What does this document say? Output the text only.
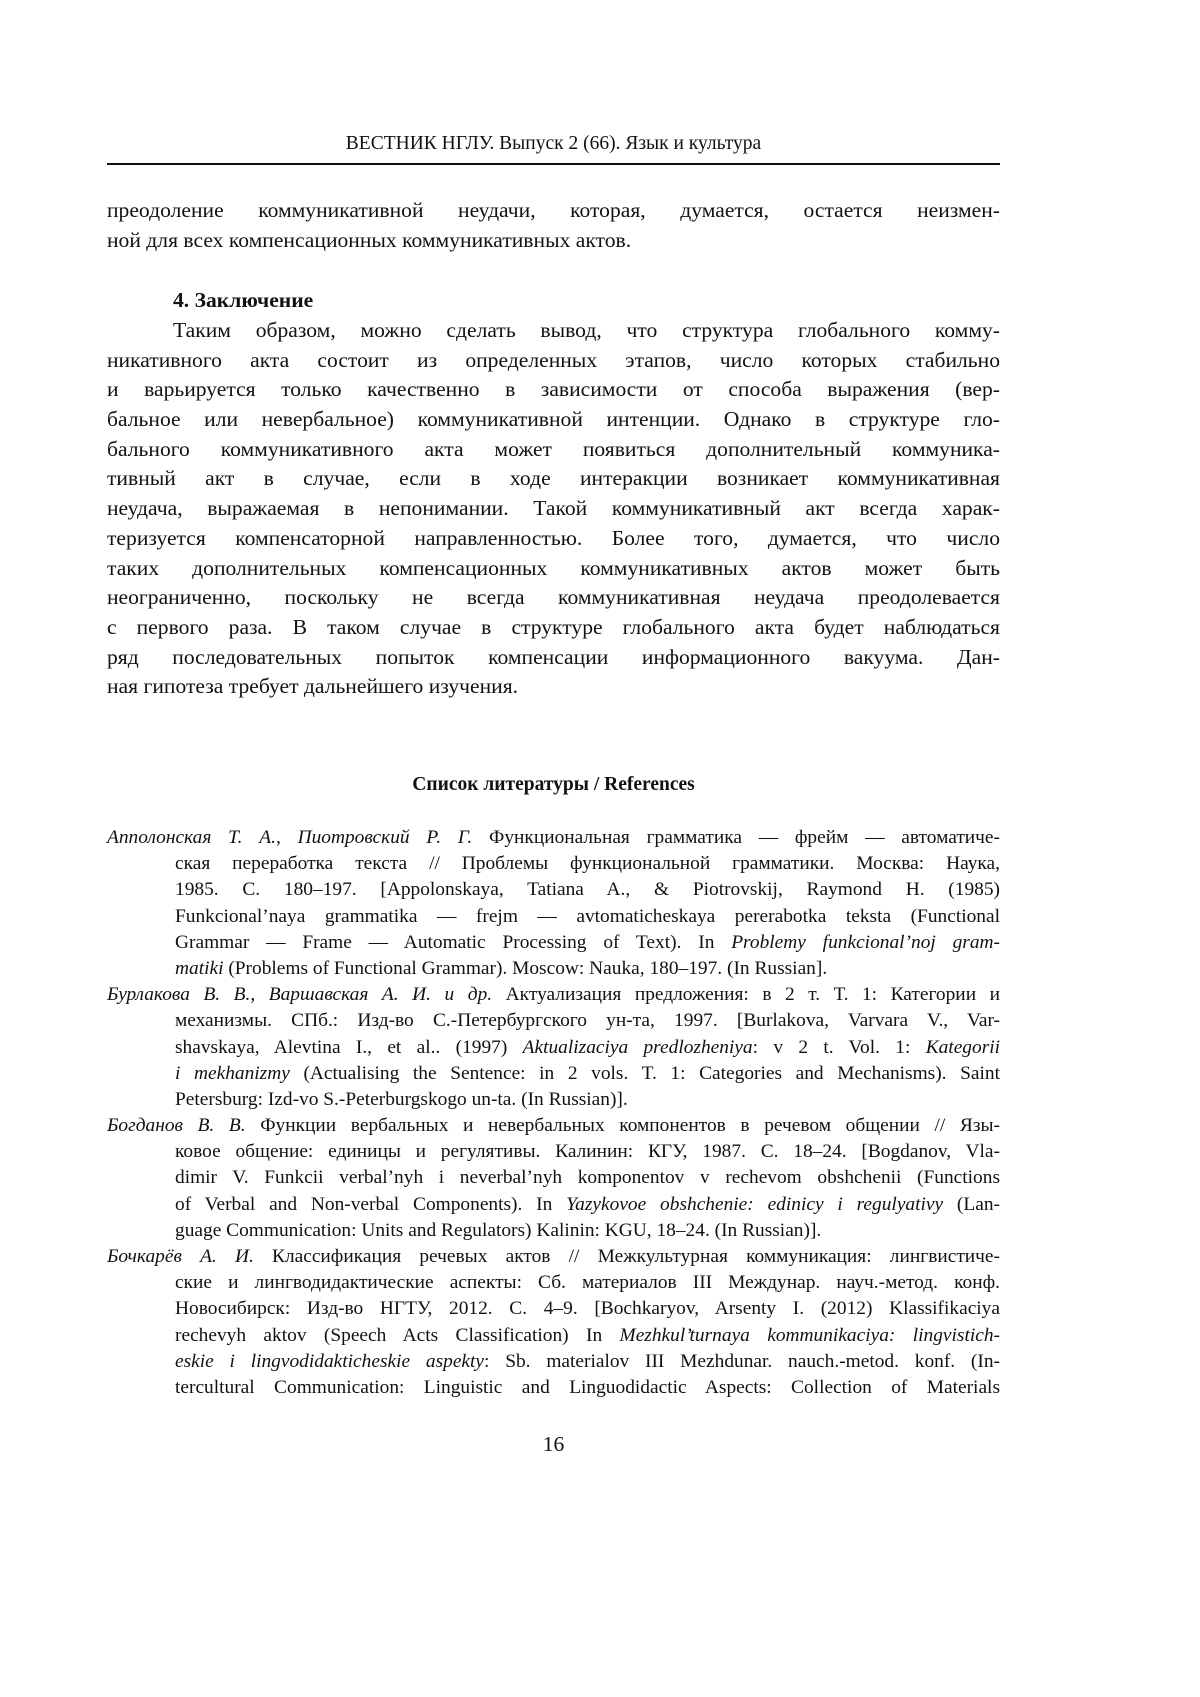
ВЕСТНИК НГЛУ. Выпуск 2 (66). Язык и культура
преодоление коммуникативной неудачи, которая, думается, остается неизмен-
ной для всех компенсационных коммуникативных актов.
4. Заключение
Таким образом, можно сделать вывод, что структура глобального комму-
никативного акта состоит из определенных этапов, число которых стабильно
и варьируется только качественно в зависимости от способа выражения (вер-
бальное или невербальное) коммуникативной интенции. Однако в структуре гло-
бального коммуникативного акта может появиться дополнительный коммуника-
тивный акт в случае, если в ходе интеракции возникает коммуникативная
неудача, выражаемая в непонимании. Такой коммуникативный акт всегда харак-
теризуется компенсаторной направленностью. Более того, думается, что число
таких дополнительных компенсационных коммуникативных актов может быть
неограниченно, поскольку не всегда коммуникативная неудача преодолевается
с первого раза. В таком случае в структуре глобального акта будет наблюдаться
ряд последовательных попыток компенсации информационного вакуума. Дан-
ная гипотеза требует дальнейшего изучения.
Список литературы / References
Апполонская Т. А., Пиотровский Р. Г. Функциональная грамматика — фрейм — автоматиче-
ская переработка текста // Проблемы функциональной грамматики. Москва: Наука,
1985. С. 180–197. [Appolonskaya, Tatiana A., & Piotrovskij, Raymond H. (1985)
Funkcional’naya grammatika — frejm — avtomaticheskaya pererabotka teksta (Functional
Grammar — Frame — Automatic Processing of Text). In Problemy funkcional’noj gram-
matiki (Problems of Functional Grammar). Moscow: Nauka, 180–197. (In Russian].
Бурлакова В. В., Варшавская А. И. и др. Актуализация предложения: в 2 т. Т. 1: Категории и
механизмы. СПб.: Изд-во С.-Петербургского ун-та, 1997. [Burlakova, Varvara V., Var-
shavskaya, Alevtina I., et al.. (1997) Aktualizaciya predlozheniya: v 2 t. Vol. 1: Kategorii
i mekhanizmy (Actualising the Sentence: in 2 vols. T. 1: Categories and Mechanisms). Saint
Petersburg: Izd-vo S.-Peterburgskogo un-ta. (In Russian)].
Богданов В. В. Функции вербальных и невербальных компонентов в речевом общении // Язы-
ковое общение: единицы и регулятивы. Калинин: КГУ, 1987. С. 18–24. [Bogdanov, Vla-
dimir V. Funkcii verbal’nyh i neverbal’nyh komponentov v rechevom obshchenii (Functions
of Verbal and Non-verbal Components). In Yazykovoe obshchenie: edinicy i regulyativy (Lan-
guage Communication: Units and Regulators) Kalinin: KGU, 18–24. (In Russian)].
Бочкарёв А. И. Классификация речевых актов // Межкультурная коммуникация: лингвистиче-
ские и лингводидактические аспекты: Сб. материалов III Междунар. науч.-метод. конф.
Новосибирск: Изд-во НГТУ, 2012. С. 4–9. [Bochkaryov, Arsenty I. (2012) Klassifikaciya
rechevyh aktov (Speech Acts Classification) In Mezhkul’turnaya kommunikaciya: lingvistich-
eskie i lingvodidakticheskie aspekty: Sb. materialov III Mezhdunar. nauch.-metod. konf. (In-
tercultural Communication: Linguistic and Linguodidactic Aspects: Collection of Materials
16
